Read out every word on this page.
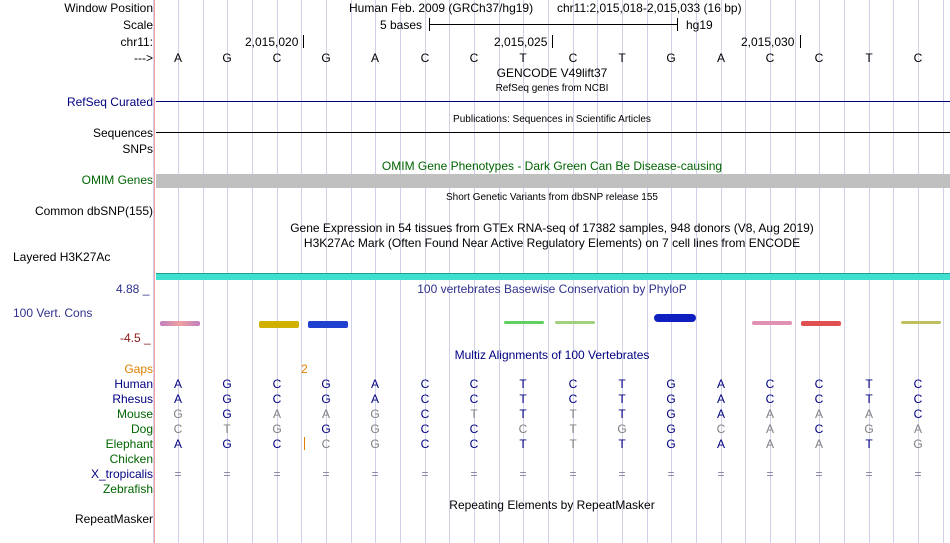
Window Position	Human Feb. 2009 (GRCh37/hg19) chr11:2,015,018-2,015,033 (16 bp)
Scale	5 bases	hg19
chr11:	2,015,020	2,015,025	2,015,030
---> A	G	C	G	A	C	C	T	C	T	G	A	C	C	T	C
GENCODE V49lift37
RefSeq genes from NCBI
RefSeq Curated
Publications: Sequences in Scientific Articles
Sequences
SNPs
OMIM Gene Phenotypes - Dark Green Can Be Disease-causing
OMIM Genes
Short Genetic Variants from dbSNP release 155
Common dbSNP(155)
Gene Expression in 54 tissues from GTEx RNA-seq of 17382 samples, 948 donors (V8, Aug 2019)
H3K27Ac Mark (Often Found Near Active Regulatory Elements) on 7 cell lines from ENCODE
Layered H3K27Ac
4.88 _	100 vertebrates Basewise Conservation by PhyloP
100 Vert. Cons
-4.5 _
Multiz Alignments of 100 Vertebrates
Gaps	2
Human A	G	C	G	A	C	C	T	C	T	G	A	C	C	T	C
Rhesus A	G	C	G	A	C	C	T	C	T	G	A	C	C	T	C
Mouse G	G	A	A	G	C	T	T	T	T	G	A	A	A	A	C
Dog C	T	G	G	G	C	C	C	T	G	G	C	A	C	G	A
Elephant A	G	C	C	G	C	C	T	T	T	G	A	A	A	T	G
Chicken
X_tropicalis =	=	=	=	=	=	=	=	=	=	=	=	=	=	=	=
Zebrafish
Repeating Elements by RepeatMasker
RepeatMasker
